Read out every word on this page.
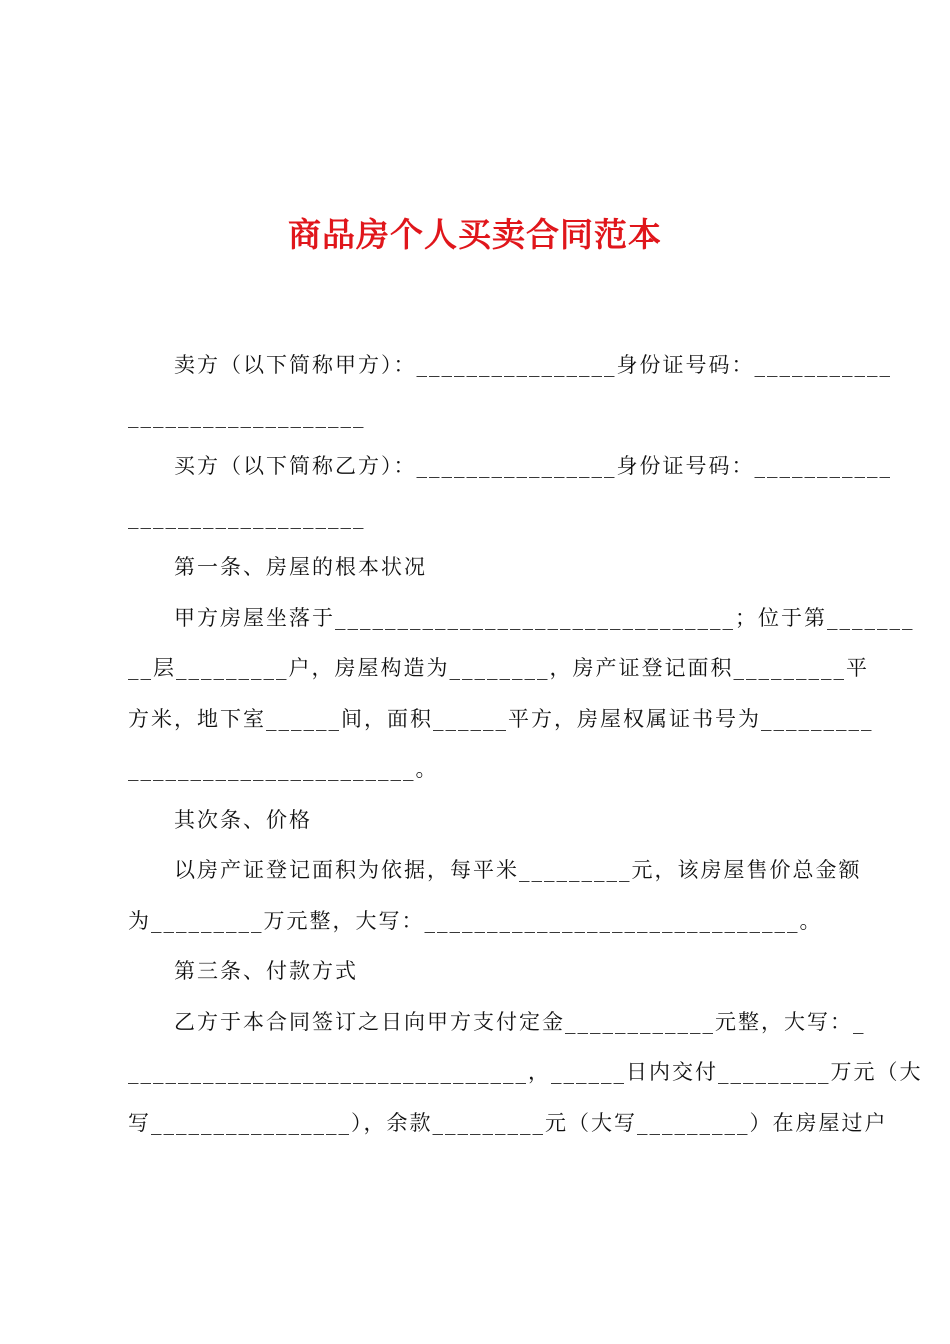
商品房个人买卖合同范本
卖方（以下简称甲方）：________________身份证号码：___________
___________________
买方（以下简称乙方）：________________身份证号码：___________
___________________
第一条、房屋的根本状况
甲方房屋坐落于________________________________；位于第_______
__层_________户，房屋构造为________，房产证登记面积_________平
方米，地下室______间，面积______平方，房屋权属证书号为_________
_______________________。
其次条、价格
以房产证登记面积为依据，每平米_________元，该房屋售价总金额
为_________万元整，大写：______________________________。
第三条、付款方式
乙方于本合同签订之日向甲方支付定金____________元整，大写：_
________________________________，______日内交付_________万元（大
写________________），余款_________元（大写_________）在房屋过户
